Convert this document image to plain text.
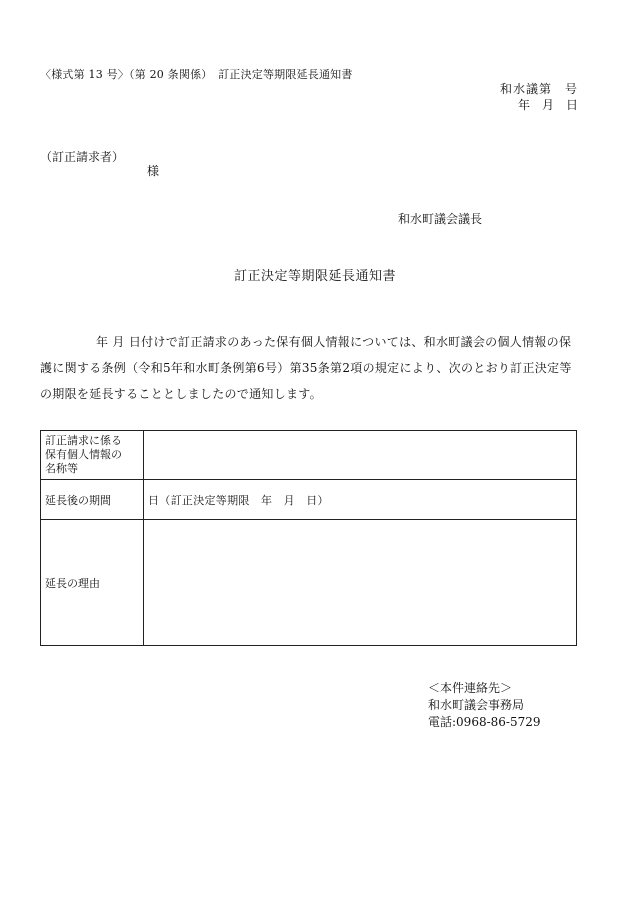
〈様式第 13 号〉（第 20 条関係）　訂正決定等期限延長通知書
和水議第　号
年　月　日
（訂正請求者）
様
和水町議会議長
訂正決定等期限延長通知書
年 月 日付けで訂正請求のあった保有個人情報については、和水町議会の個人情報の保護に関する条例（令和5年和水町条例第6号）第35条第2項の規定により、次のとおり訂正決定等の期限を延長することとしましたので通知します。
訂正請求に係る
保有個人情報の
名称等	

延長後の期間	日（訂正決定等期限　年　月　日）
延長の理由	
＜本件連絡先＞
和水町議会事務局
電話:0968-86-5729
